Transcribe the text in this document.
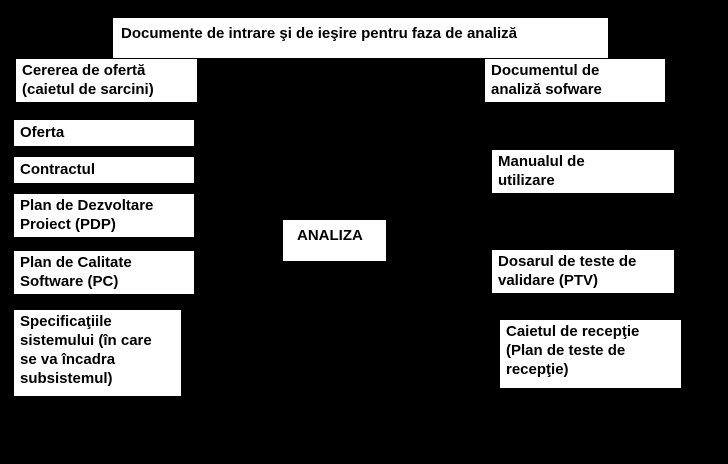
Documente de intrare şi de ieşire pentru faza de analiză
Cererea de ofertă
(caietul de sarcini)
Oferta
Contractul
Plan de Dezvoltare
Proiect (PDP)
Plan de Calitate
Software (PC)
Specificaţiile
sistemului (în care
se va încadra
subsistemul)
ANALIZA
Documentul de
analiză sofware
Manualul de
utilizare
Dosarul de teste de
validare (PTV)
Caietul de recepţie
(Plan de teste de
recepţie)
